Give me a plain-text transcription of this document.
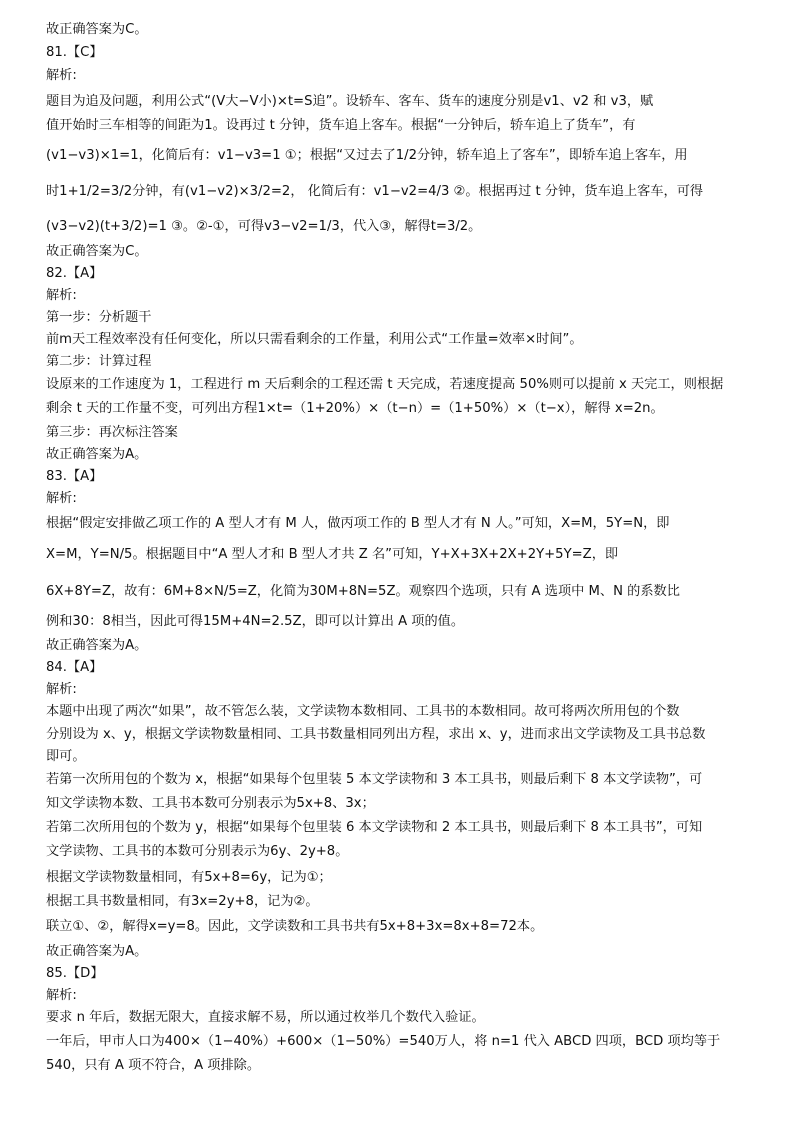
故正确答案为C。
81.【C】
解析:
题目为追及问题，利用公式“(V大−V小)×t=S追”。设轿车、客车、货车的速度分别是v1、v2 和 v3，赋
值开始时三车相等的间距为1。设再过 t 分钟，货车追上客车。根据“一分钟后，轿车追上了货车”，有
(v1−v3)×1=1，化简后有：v1−v3=1 ①；根据“又过去了1/2分钟，轿车追上了客车”，即轿车追上客车，用
时1+1/2=3/2分钟，有(v1−v2)×3/2=2， 化简后有：v1−v2=4/3 ②。根据再过 t 分钟，货车追上客车，可得
(v3−v2)(t+3/2)=1 ③。②-①，可得v3−v2=1/3，代入③，解得t=3/2。
故正确答案为C。
82.【A】
解析:
第一步：分析题干
前m天工程效率没有任何变化，所以只需看剩余的工作量，利用公式“工作量=效率×时间”。
第二步：计算过程
设原来的工作速度为 1，工程进行 m 天后剩余的工程还需 t 天完成，若速度提高 50%则可以提前 x 天完工，则根据
剩余 t 天的工作量不变，可列出方程1×t=（1+20%）×（t−n）=（1+50%）×（t−x），解得 x=2n。
第三步：再次标注答案
故正确答案为A。
83.【A】
解析:
根据“假定安排做乙项工作的 A 型人才有 M 人，做丙项工作的 B 型人才有 N 人。”可知，X=M，5Y=N，即
X=M，Y=N/5。根据题目中“A 型人才和 B 型人才共 Z 名”可知，Y+X+3X+2X+2Y+5Y=Z，即
6X+8Y=Z，故有：6M+8×N/5=Z，化简为30M+8N=5Z。观察四个选项，只有 A 选项中 M、N 的系数比
例和30：8相当，因此可得15M+4N=2.5Z，即可以计算出 A 项的值。
故正确答案为A。
84.【A】
解析:
本题中出现了两次“如果”，故不管怎么装，文学读物本数相同、工具书的本数相同。故可将两次所用包的个数
分别设为 x、y，根据文学读物数量相同、工具书数量相同列出方程，求出 x、y，进而求出文学读物及工具书总数
即可。
若第一次所用包的个数为 x，根据“如果每个包里装 5 本文学读物和 3 本工具书，则最后剩下 8 本文学读物”，可
知文学读物本数、工具书本数可分别表示为5x+8、3x；
若第二次所用包的个数为 y，根据“如果每个包里装 6 本文学读物和 2 本工具书，则最后剩下 8 本工具书”，可知
文学读物、工具书的本数可分别表示为6y、2y+8。
根据文学读物数量相同，有5x+8=6y，记为①；
根据工具书数量相同，有3x=2y+8，记为②。
联立①、②，解得x=y=8。因此，文学读数和工具书共有5x+8+3x=8x+8=72本。
故正确答案为A。
85.【D】
解析:
要求 n 年后，数据无限大，直接求解不易，所以通过枚举几个数代入验证。
一年后，甲市人口为400×（1−40%）+600×（1−50%）=540万人，将 n=1 代入 ABCD 四项，BCD 项均等于
540，只有 A 项不符合，A 项排除。
